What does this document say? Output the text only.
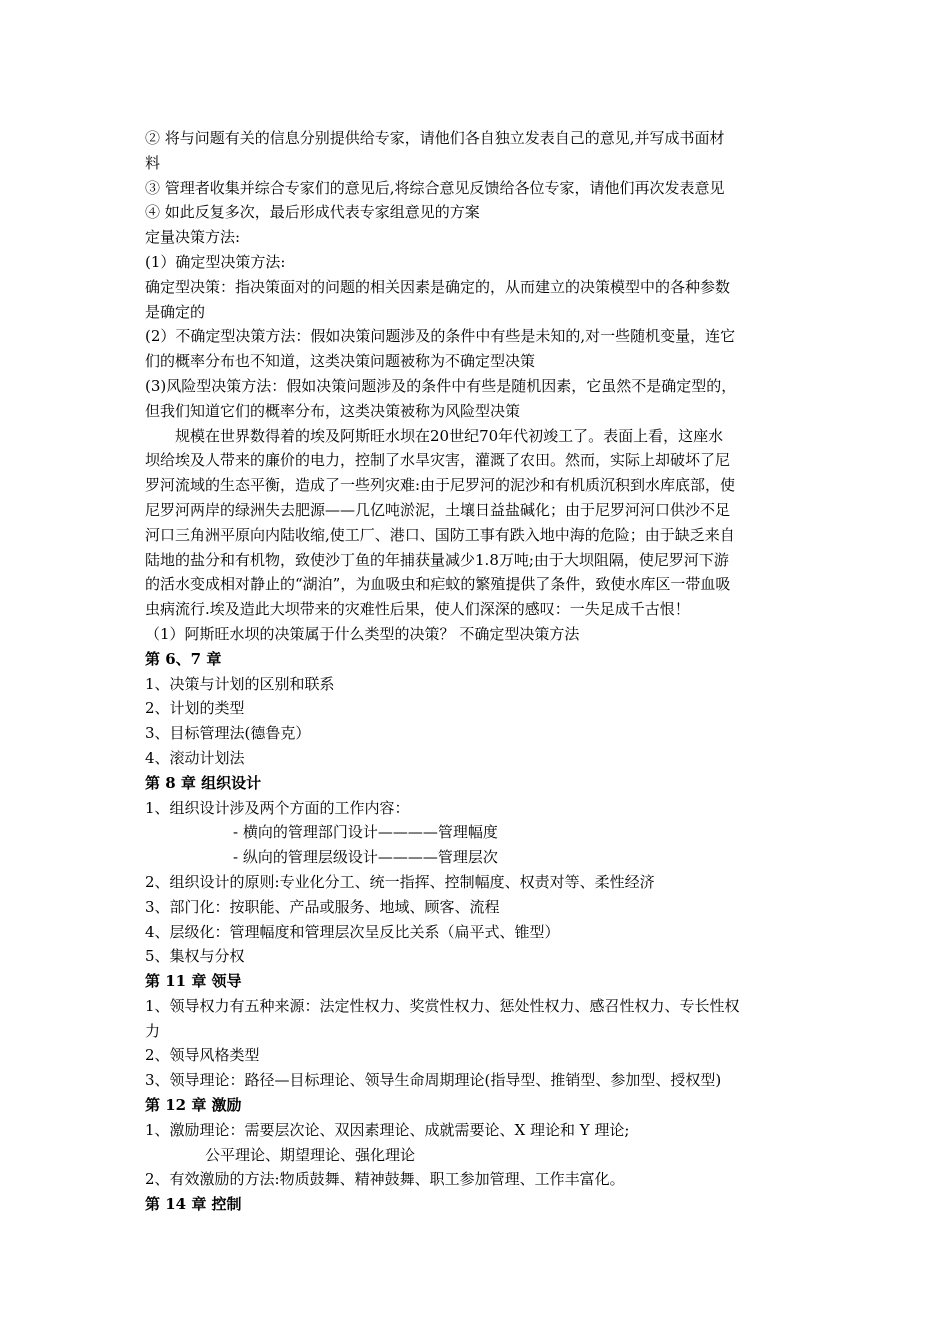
② 将与问题有关的信息分别提供给专家，请他们各自独立发表自己的意见,并写成书面材
料
③ 管理者收集并综合专家们的意见后,将综合意见反馈给各位专家，请他们再次发表意见
④ 如此反复多次，最后形成代表专家组意见的方案
定量决策方法:
(1）确定型决策方法:
确定型决策：指决策面对的问题的相关因素是确定的，从而建立的决策模型中的各种参数
是确定的
(2）不确定型决策方法：假如决策问题涉及的条件中有些是未知的,对一些随机变量，连它
们的概率分布也不知道，这类决策问题被称为不确定型决策
(3)风险型决策方法：假如决策问题涉及的条件中有些是随机因素，它虽然不是确定型的，
但我们知道它们的概率分布，这类决策被称为风险型决策
规模在世界数得着的埃及阿斯旺水坝在20世纪70年代初竣工了。表面上看，这座水
坝给埃及人带来的廉价的电力，控制了水旱灾害，灌溉了农田。然而，实际上却破坏了尼
罗河流域的生态平衡，造成了一些列灾难:由于尼罗河的泥沙和有机质沉积到水库底部，使
尼罗河两岸的绿洲失去肥源——几亿吨淤泥，土壤日益盐碱化；由于尼罗河河口供沙不足
河口三角洲平原向内陆收缩,使工厂、港口、国防工事有跌入地中海的危险；由于缺乏来自
陆地的盐分和有机物，致使沙丁鱼的年捕获量减少1.8万吨;由于大坝阻隔，使尼罗河下游
的活水变成相对静止的“湖泊”，为血吸虫和疟蚊的繁殖提供了条件，致使水库区一带血吸
虫病流行.埃及造此大坝带来的灾难性后果，使人们深深的感叹：一失足成千古恨！
（1）阿斯旺水坝的决策属于什么类型的决策？ 不确定型决策方法
第 6、7 章
1、决策与计划的区别和联系
2、计划的类型
3、目标管理法(德鲁克）
4、滚动计划法
第 8 章 组织设计
1、组织设计涉及两个方面的工作内容：
- 横向的管理部门设计————管理幅度
- 纵向的管理层级设计————管理层次
2、组织设计的原则:专业化分工、统一指挥、控制幅度、权责对等、柔性经济
3、部门化：按职能、产品或服务、地域、顾客、流程
4、层级化：管理幅度和管理层次呈反比关系（扁平式、锥型）
5、集权与分权
第 11 章 领导
1、领导权力有五种来源：法定性权力、奖赏性权力、惩处性权力、感召性权力、专长性权
力
2、领导风格类型
3、领导理论：路径—目标理论、领导生命周期理论(指导型、推销型、参加型、授权型)
第 12 章 激励
1、激励理论：需要层次论、双因素理论、成就需要论、X 理论和 Y 理论;
公平理论、期望理论、强化理论
2、有效激励的方法:物质鼓舞、精神鼓舞、职工参加管理、工作丰富化。
第 14 章 控制
